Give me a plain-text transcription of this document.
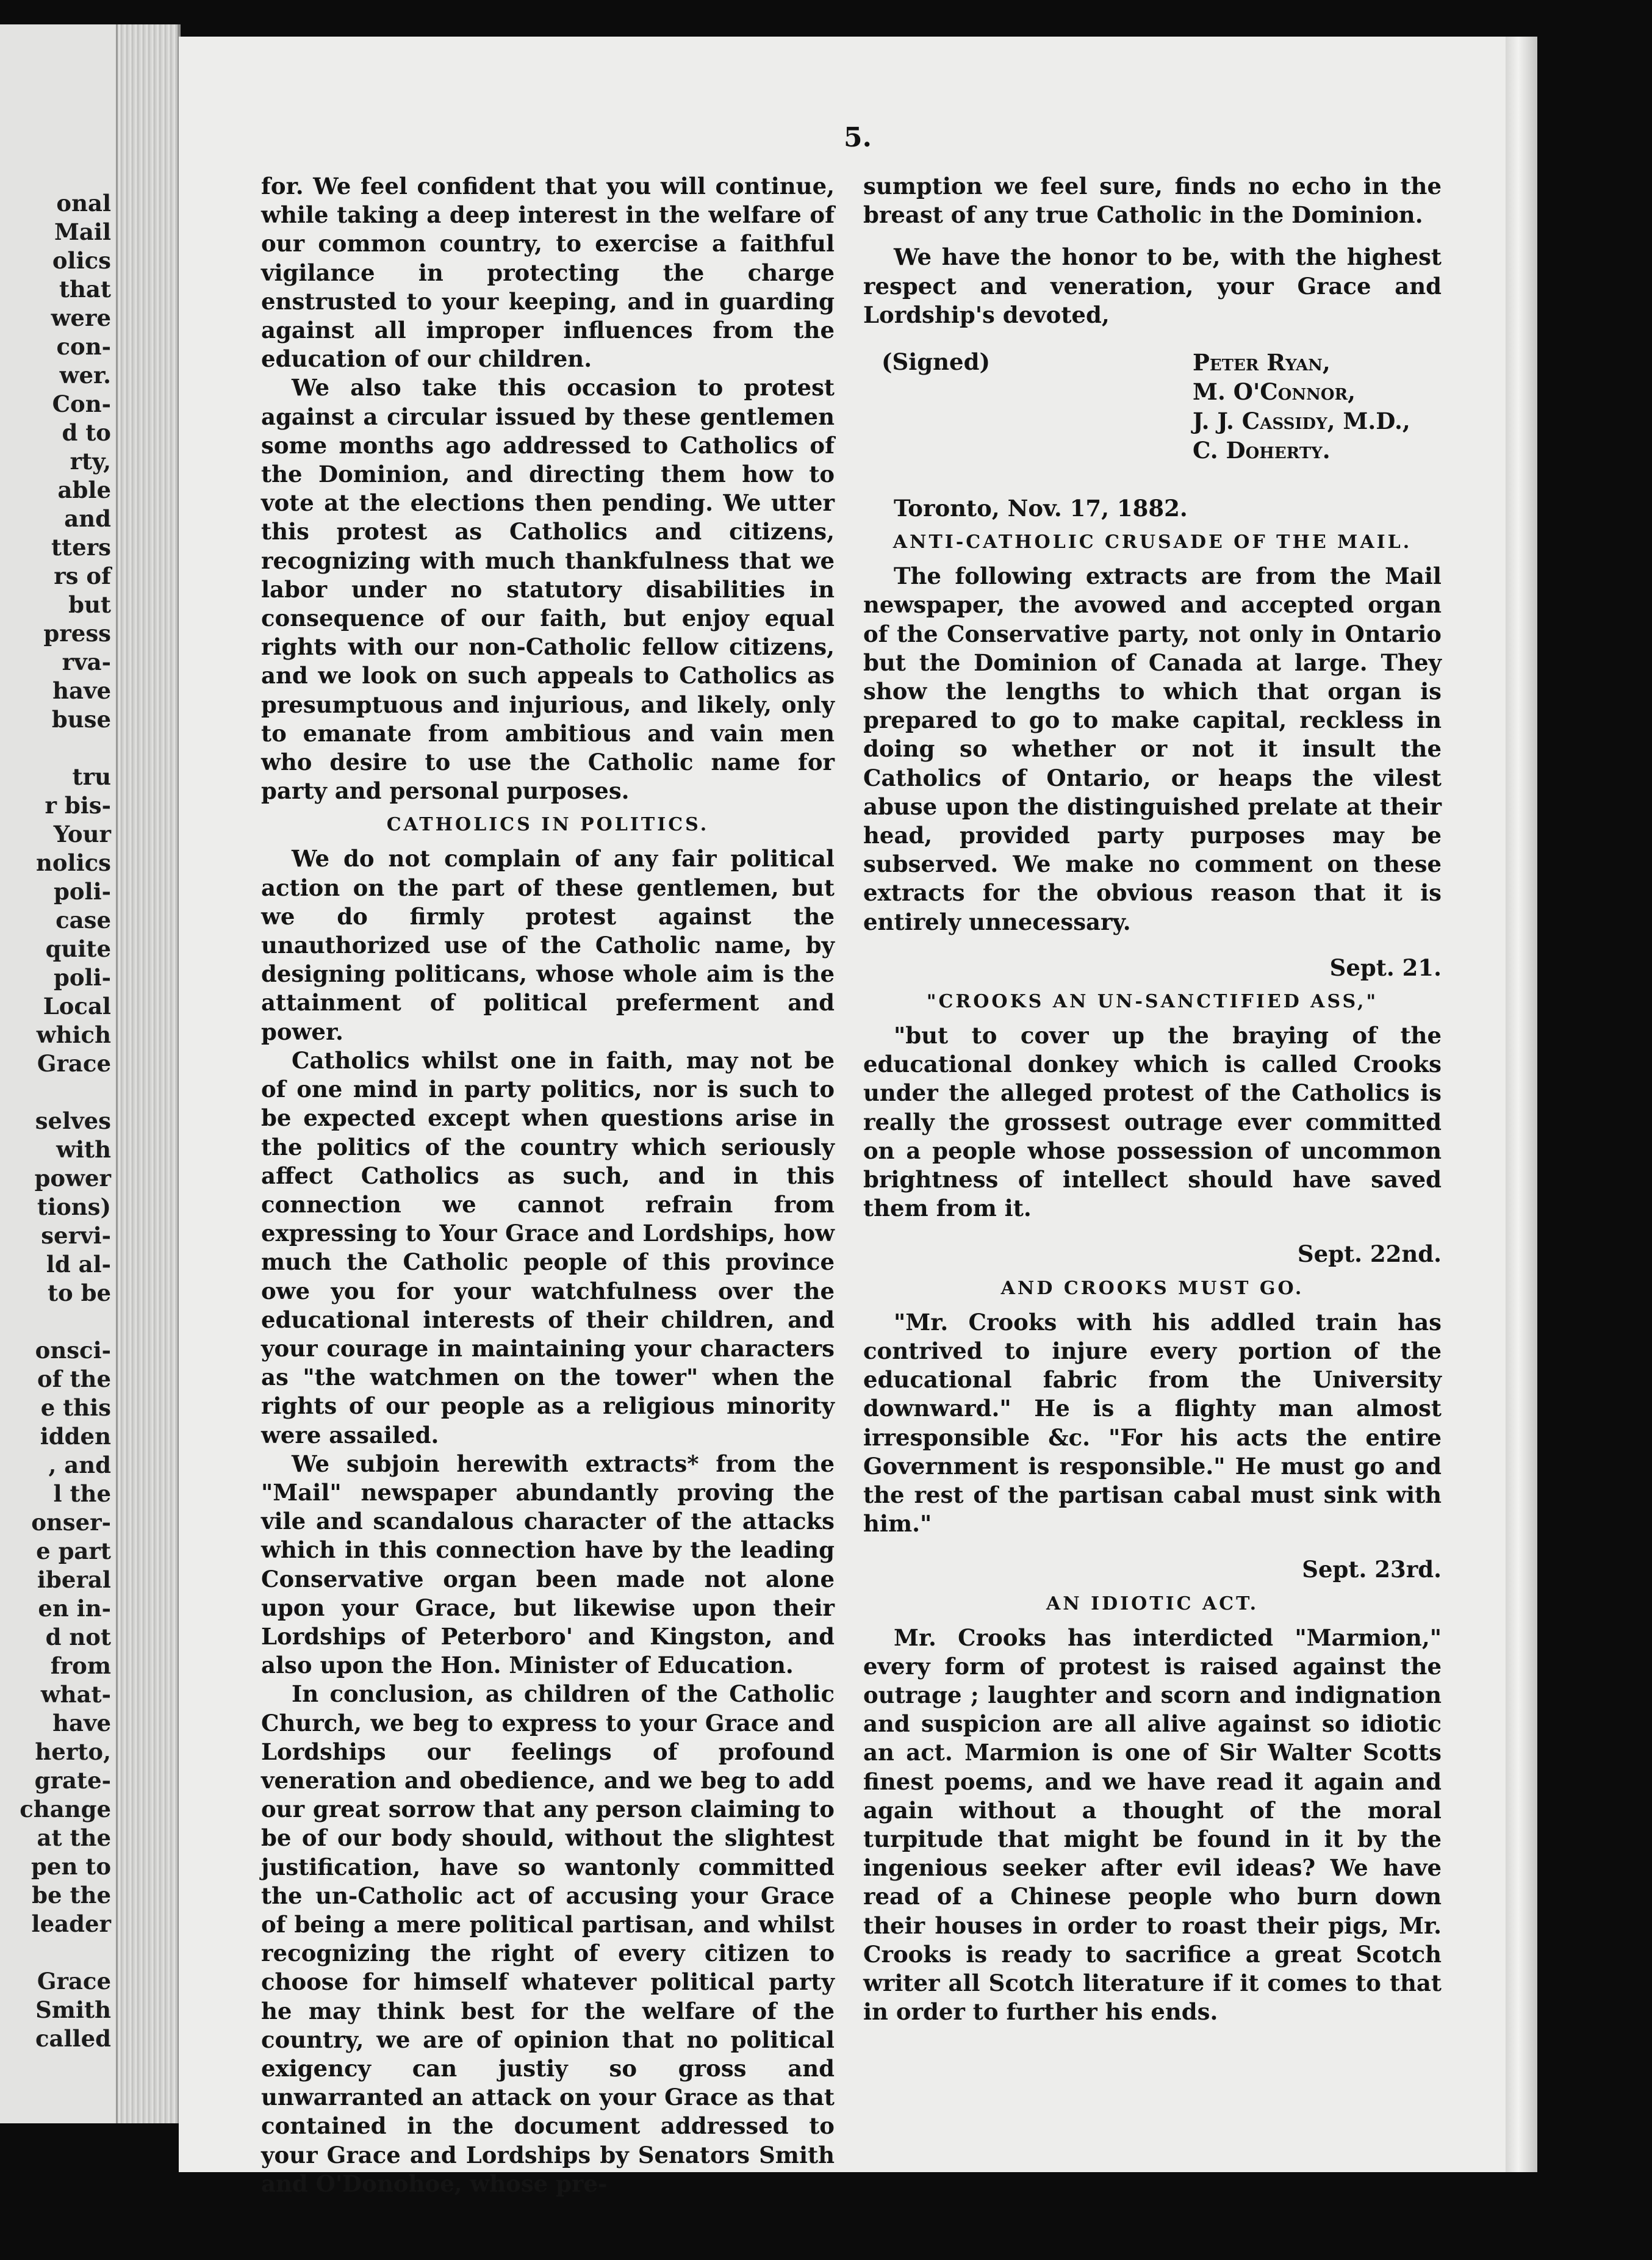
onal
Mail
olics
that
were
con-
wer.
Con-
d to
rty,
able
and
tters
rs of
but
press
rva-
have
buse
tru
r bis-
Your
nolics
poli-
case
quite
poli-
Local
which
Grace
selves
with
power
tions)
servi-
ld al-
to be
onsci-
of the
e this
idden
, and
l the
onser-
e part
iberal
en in-
d not
from
what-
have
herto,
grate-
change
at the
pen to
be the
leader
Grace
Smith
called
5.

for. We feel confident that you will continue, while taking a deep interest in the welfare of our common country, to exercise a faithful vigilance in protecting the charge enstrusted to your keeping, and in guarding against all improper influences from the education of our children.

We also take this occasion to protest against a circular issued by these gentlemen some months ago addressed to Catholics of the Dominion, and directing them how to vote at the elections then pending. We utter this protest as Catholics and citizens, recognizing with much thankfulness that we labor under no statutory disabilities in consequence of our faith, but enjoy equal rights with our non-Catholic fellow citizens, and we look on such appeals to Catholics as presumptuous and injurious, and likely, only to emanate from ambitious and vain men who desire to use the Catholic name for party and personal purposes.

CATHOLICS IN POLITICS.

We do not complain of any fair political action on the part of these gentlemen, but we do firmly protest against the unauthorized use of the Catholic name, by designing politicans, whose whole aim is the attainment of political preferment and power.

Catholics whilst one in faith, may not be of one mind in party politics, nor is such to be expected except when questions arise in the politics of the country which seriously affect Catholics as such, and in this connection we cannot refrain from expressing to Your Grace and Lordships, how much the Catholic people of this province owe you for your watchfulness over the educational interests of their children, and your courage in maintaining your characters as "the watchmen on the tower" when the rights of our people as a religious minority were assailed.

We subjoin herewith extracts* from the "Mail" newspaper abundantly proving the vile and scandalous character of the attacks which in this connection have by the leading Conservative organ been made not alone upon your Grace, but likewise upon their Lordships of Peterboro' and Kingston, and also upon the Hon. Minister of Education.

In conclusion, as children of the Catholic Church, we beg to express to your Grace and Lordships our feelings of profound veneration and obedience, and we beg to add our great sorrow that any person claiming to be of our body should, without the slightest justification, have so wantonly committed the un-Catholic act of accusing your Grace of being a mere political partisan, and whilst recognizing the right of every citizen to choose for himself whatever political party he may think best for the welfare of the country, we are of opinion that no political exigency can justiy so gross and unwarranted an attack on your Grace as that contained in the document addressed to your Grace and Lordships by Senators Smith and O'Donohoe, whose pre-

sumption we feel sure, finds no echo in the breast of any true Catholic in the Dominion.

We have the honor to be, with the highest respect and veneration, your Grace and Lordship's devoted,

(Signed)	Peter Ryan,
M. O'Connor,
J. J. Cassidy, M.D.,
C. Doherty.

Toronto, Nov. 17, 1882.

ANTI-CATHOLIC CRUSADE OF THE MAIL.

The following extracts are from the Mail newspaper, the avowed and accepted organ of the Conservative party, not only in Ontario but the Dominion of Canada at large. They show the lengths to which that organ is prepared to go to make capital, reckless in doing so whether or not it insult the Catholics of Ontario, or heaps the vilest abuse upon the distinguished prelate at their head, provided party purposes may be subserved. We make no comment on these extracts for the obvious reason that it is entirely unnecessary.

Sept. 21.

"CROOKS AN UN-SANCTIFIED ASS,"

"but to cover up the braying of the educational donkey which is called Crooks under the alleged protest of the Catholics is really the grossest outrage ever committed on a people whose possession of uncommon brightness of intellect should have saved them from it.

Sept. 22nd.

AND CROOKS MUST GO.

"Mr. Crooks with his addled train has contrived to injure every portion of the educational fabric from the University downward." He is a flighty man almost irresponsible &c. "For his acts the entire Government is responsible." He must go and the rest of the partisan cabal must sink with him."

Sept. 23rd.

AN IDIOTIC ACT.

Mr. Crooks has interdicted "Marmion," every form of protest is raised against the outrage ; laughter and scorn and indignation and suspicion are all alive against so idiotic an act. Marmion is one of Sir Walter Scotts finest poems, and we have read it again and again without a thought of the moral turpitude that might be found in it by the ingenious seeker after evil ideas? We have read of a Chinese people who burn down their houses in order to roast their pigs, Mr. Crooks is ready to sacrifice a great Scotch writer all Scotch literature if it comes to that in order to further his ends.
